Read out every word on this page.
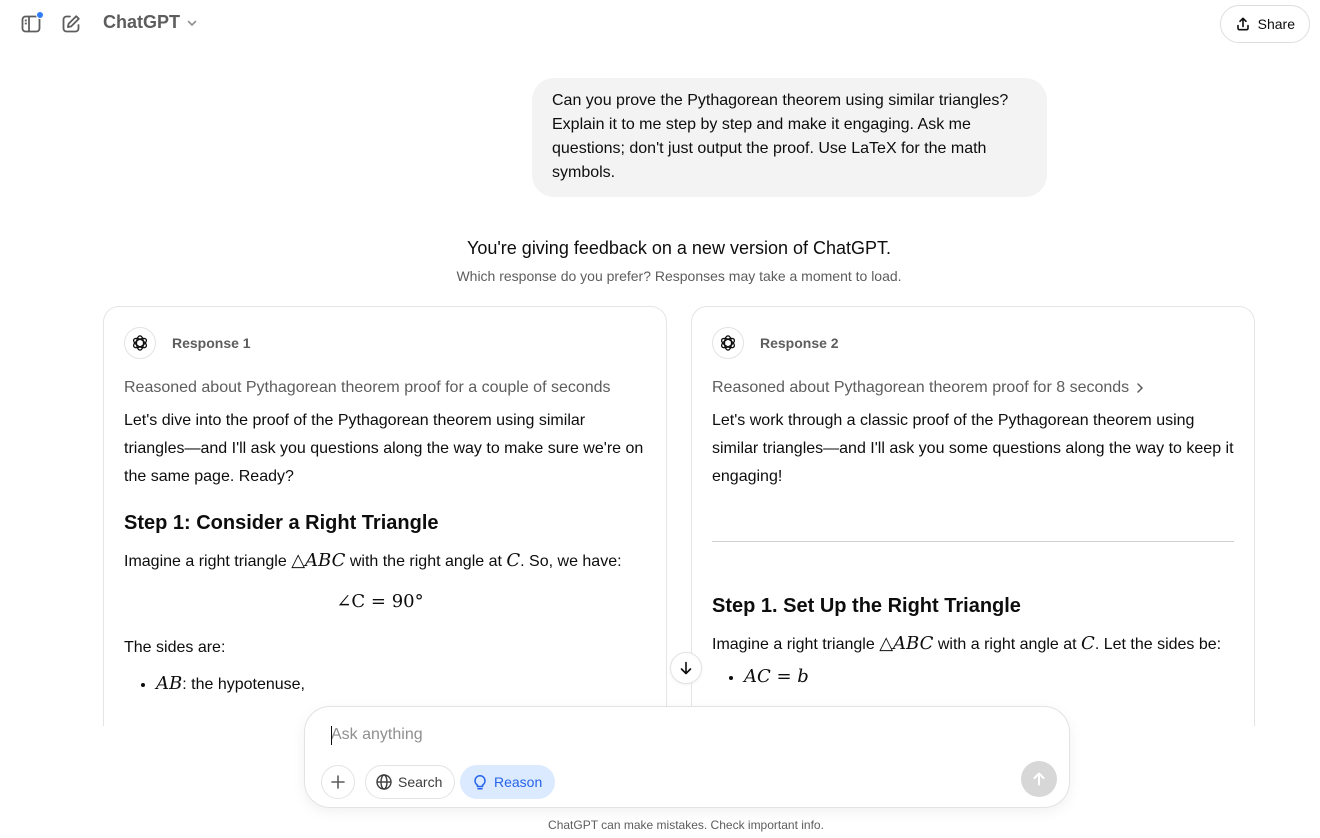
ChatGPT	Share
Can you prove the Pythagorean theorem using similar triangles? Explain it to me step by step and make it engaging. Ask me questions; don't just output the proof. Use LaTeX for the math symbols.
You're giving feedback on a new version of ChatGPT.
Which response do you prefer? Responses may take a moment to load.
Response 1
Reasoned about Pythagorean theorem proof for a couple of seconds
Let's dive into the proof of the Pythagorean theorem using similar triangles—and I'll ask you questions along the way to make sure we're on the same page. Ready?
Step 1: Consider a Right Triangle
Imagine a right triangle △ABC with the right angle at C. So, we have:
∠C = 90°
The sides are:
• AB: the hypotenuse,
Response 2
Reasoned about Pythagorean theorem proof for 8 seconds
Let's work through a classic proof of the Pythagorean theorem using similar triangles—and I'll ask you some questions along the way to keep it engaging!
Step 1. Set Up the Right Triangle
Imagine a right triangle △ABC with a right angle at C. Let the sides be:
• AC = b
Ask anything
Search	Reason
ChatGPT can make mistakes. Check important info.
